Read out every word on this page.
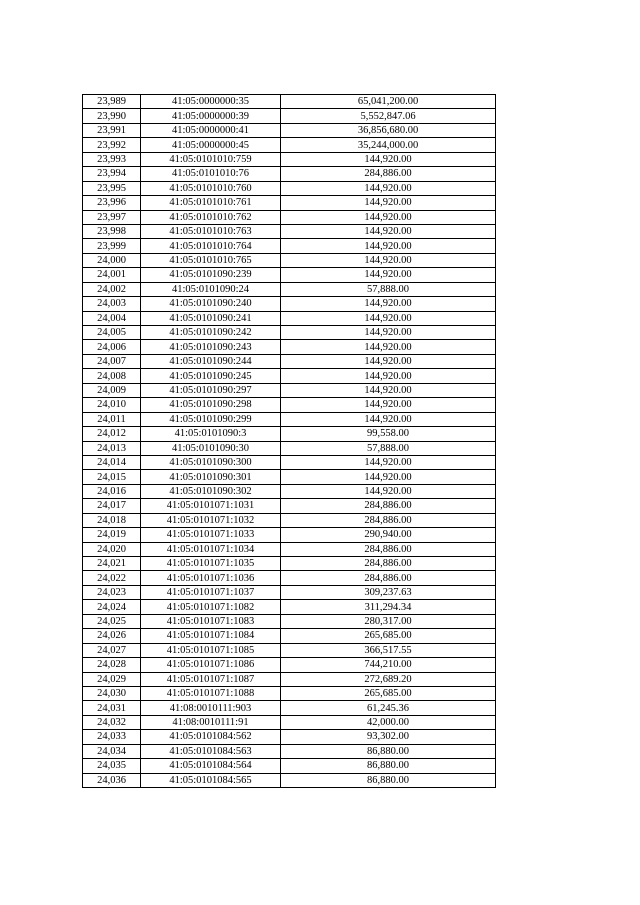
23,989	41:05:0000000:35	65,041,200.00
23,990	41:05:0000000:39	5,552,847.06
23,991	41:05:0000000:41	36,856,680.00
23,992	41:05:0000000:45	35,244,000.00
23,993	41:05:0101010:759	144,920.00
23,994	41:05:0101010:76	284,886.00
23,995	41:05:0101010:760	144,920.00
23,996	41:05:0101010:761	144,920.00
23,997	41:05:0101010:762	144,920.00
23,998	41:05:0101010:763	144,920.00
23,999	41:05:0101010:764	144,920.00
24,000	41:05:0101010:765	144,920.00
24,001	41:05:0101090:239	144,920.00
24,002	41:05:0101090:24	57,888.00
24,003	41:05:0101090:240	144,920.00
24,004	41:05:0101090:241	144,920.00
24,005	41:05:0101090:242	144,920.00
24,006	41:05:0101090:243	144,920.00
24,007	41:05:0101090:244	144,920.00
24,008	41:05:0101090:245	144,920.00
24,009	41:05:0101090:297	144,920.00
24,010	41:05:0101090:298	144,920.00
24,011	41:05:0101090:299	144,920.00
24,012	41:05:0101090:3	99,558.00
24,013	41:05:0101090:30	57,888.00
24,014	41:05:0101090:300	144,920.00
24,015	41:05:0101090:301	144,920.00
24,016	41:05:0101090:302	144,920.00
24,017	41:05:0101071:1031	284,886.00
24,018	41:05:0101071:1032	284,886.00
24,019	41:05:0101071:1033	290,940.00
24,020	41:05:0101071:1034	284,886.00
24,021	41:05:0101071:1035	284,886.00
24,022	41:05:0101071:1036	284,886.00
24,023	41:05:0101071:1037	309,237.63
24,024	41:05:0101071:1082	311,294.34
24,025	41:05:0101071:1083	280,317.00
24,026	41:05:0101071:1084	265,685.00
24,027	41:05:0101071:1085	366,517.55
24,028	41:05:0101071:1086	744,210.00
24,029	41:05:0101071:1087	272,689.20
24,030	41:05:0101071:1088	265,685.00
24,031	41:08:0010111:903	61,245.36
24,032	41:08:0010111:91	42,000.00
24,033	41:05:0101084:562	93,302.00
24,034	41:05:0101084:563	86,880.00
24,035	41:05:0101084:564	86,880.00
24,036	41:05:0101084:565	86,880.00
